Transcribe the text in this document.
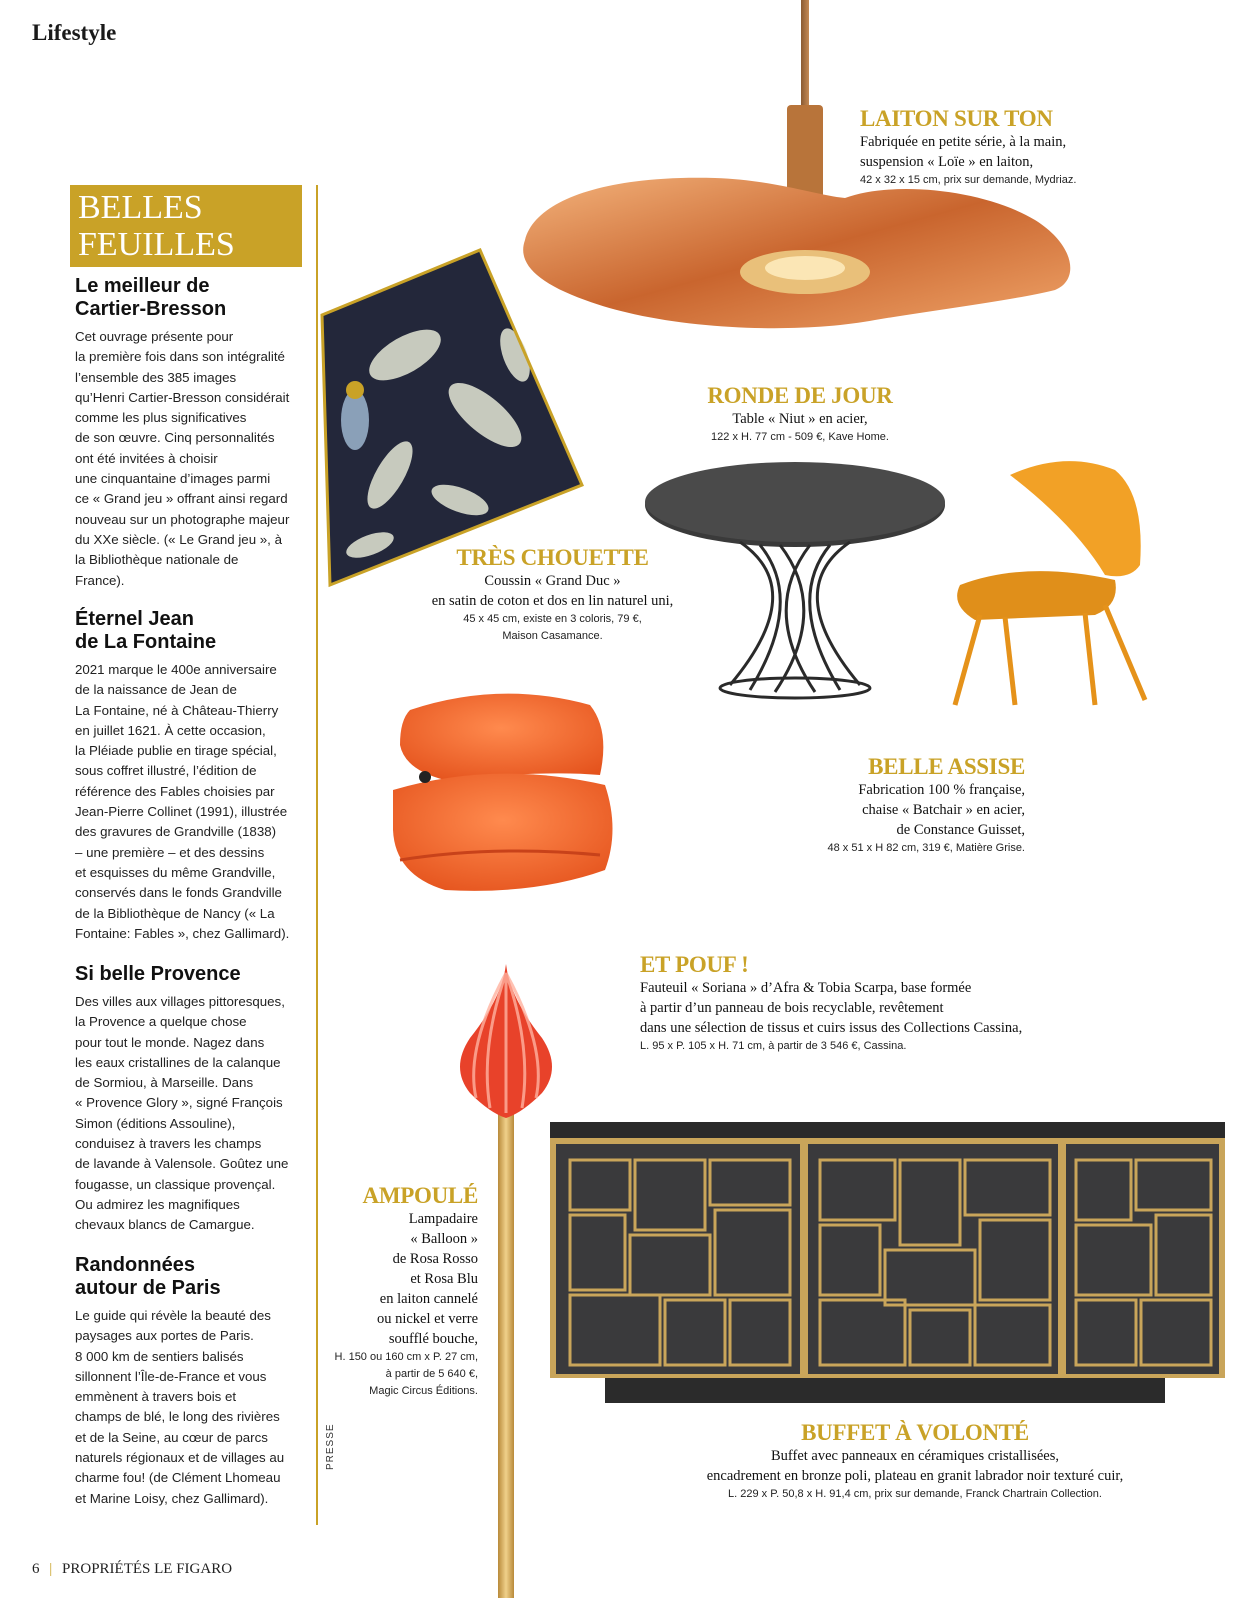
Lifestyle
BELLES
FEUILLES
Le meilleur de
Cartier-Bresson

Cet ouvrage présente pour
la première fois dans son intégralité
l’ensemble des 385 images
qu’Henri Cartier-Bresson considérait
comme les plus significatives
de son œuvre. Cinq personnalités
ont été invitées à choisir
une cinquantaine d’images parmi
ce « Grand jeu » offrant ainsi regard
nouveau sur un photographe majeur
du XXe siècle. (« Le Grand jeu », à
la Bibliothèque nationale de
France).

Éternel Jean
de La Fontaine

2021 marque le 400e anniversaire
de la naissance de Jean de
La Fontaine, né à Château-Thierry
en juillet 1621. À cette occasion,
la Pléiade publie en tirage spécial,
sous coffret illustré, l’édition de
référence des Fables choisies par
Jean-Pierre Collinet (1991), illustrée
des gravures de Grandville (1838)
– une première – et des dessins
et esquisses du même Grandville,
conservés dans le fonds Grandville
de la Bibliothèque de Nancy (« La
Fontaine: Fables », chez Gallimard).

Si belle Provence

Des villes aux villages pittoresques,
la Provence a quelque chose
pour tout le monde. Nagez dans
les eaux cristallines de la calanque
de Sormiou, à Marseille. Dans
« Provence Glory », signé François
Simon (éditions Assouline),
conduisez à travers les champs
de lavande à Valensole. Goûtez une
fougasse, un classique provençal.
Ou admirez les magnifiques
chevaux blancs de Camargue.

Randonnées
autour de Paris

Le guide qui révèle la beauté des
paysages aux portes de Paris.
8 000 km de sentiers balisés
sillonnent l’Île-de-France et vous
emmènent à travers bois et
champs de blé, le long des rivières
et de la Seine, au cœur de parcs
naturels régionaux et de villages au
charme fou! (de Clément Lhomeau
et Marine Loisy, chez Gallimard).

PRESSE
LAITON SUR TON
Fabriquée en petite série, à la main,
suspension « Loïe » en laiton,
42 x 32 x 15 cm, prix sur demande, Mydriaz.
RONDE DE JOUR
Table « Niut » en acier,
122 x H. 77 cm - 509 €, Kave Home.
TRÈS CHOUETTE
Coussin « Grand Duc »
en satin de coton et dos en lin naturel uni,
45 x 45 cm, existe en 3 coloris, 79 €,
Maison Casamance.
BELLE ASSISE
Fabrication 100 % française,
chaise « Batchair » en acier,
de Constance Guisset,
48 x 51 x H 82 cm, 319 €, Matière Grise.
ET POUF !
Fauteuil « Soriana » d’Afra & Tobia Scarpa, base formée
à partir d’un panneau de bois recyclable, revêtement
dans une sélection de tissus et cuirs issus des Collections Cassina,
L. 95 x P. 105 x H. 71 cm, à partir de 3 546 €, Cassina.
AMPOULÉ
Lampadaire
« Balloon »
de Rosa Rosso
et Rosa Blu
en laiton cannelé
ou nickel et verre
soufflé bouche,
H. 150 ou 160 cm x P. 27 cm,
à partir de 5 640 €,
Magic Circus Éditions.
BUFFET À VOLONTÉ
Buffet avec panneaux en céramiques cristallisées,
encadrement en bronze poli, plateau en granit labrador noir texturé cuir,
L. 229 x P. 50,8 x H. 91,4 cm, prix sur demande, Franck Chartrain Collection.
6 | PROPRIÉTÉS LE FIGARO
